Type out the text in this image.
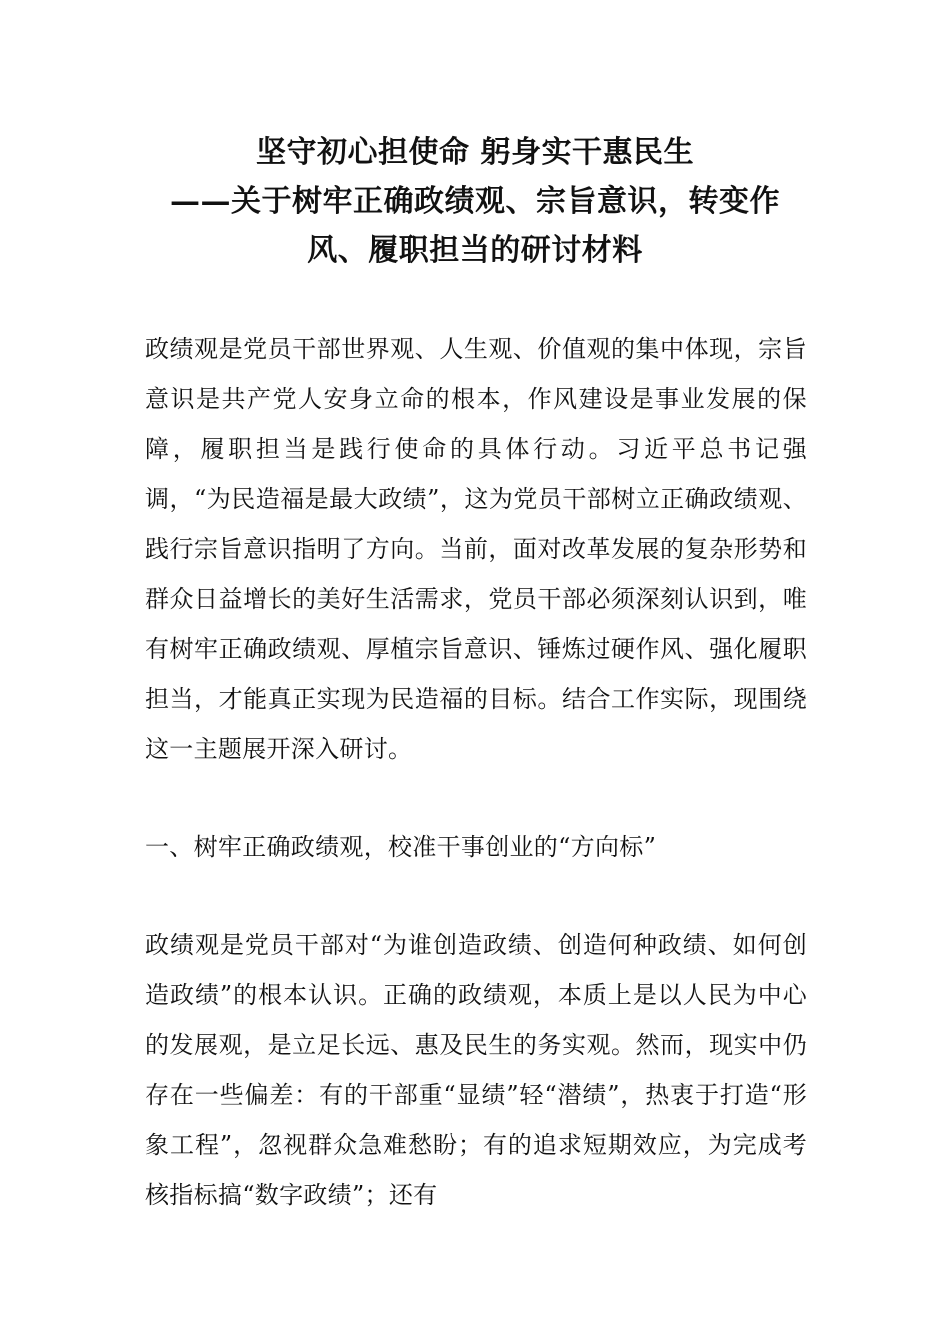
坚守初心担使命 躬身实干惠民生
——关于树牢正确政绩观、宗旨意识，转变作
风、履职担当的研讨材料

政绩观是党员干部世界观、人生观、价值观的集中体现，宗旨意识是共产党人安身立命的根本，作风建设是事业发展的保障，履职担当是践行使命的具体行动。习近平总书记强调，“为民造福是最大政绩”，这为党员干部树立正确政绩观、践行宗旨意识指明了方向。当前，面对改革发展的复杂形势和群众日益增长的美好生活需求，党员干部必须深刻认识到，唯有树牢正确政绩观、厚植宗旨意识、锤炼过硬作风、强化履职担当，才能真正实现为民造福的目标。结合工作实际，现围绕这一主题展开深入研讨。

一、树牢正确政绩观，校准干事创业的“方向标”

政绩观是党员干部对“为谁创造政绩、创造何种政绩、如何创造政绩”的根本认识。正确的政绩观，本质上是以人民为中心的发展观，是立足长远、惠及民生的务实观。然而，现实中仍存在一些偏差：有的干部重“显绩”轻“潜绩”，热衷于打造“形象工程”，忽视群众急难愁盼；有的追求短期效应，为完成考核指标搞“数字政绩”；还有
